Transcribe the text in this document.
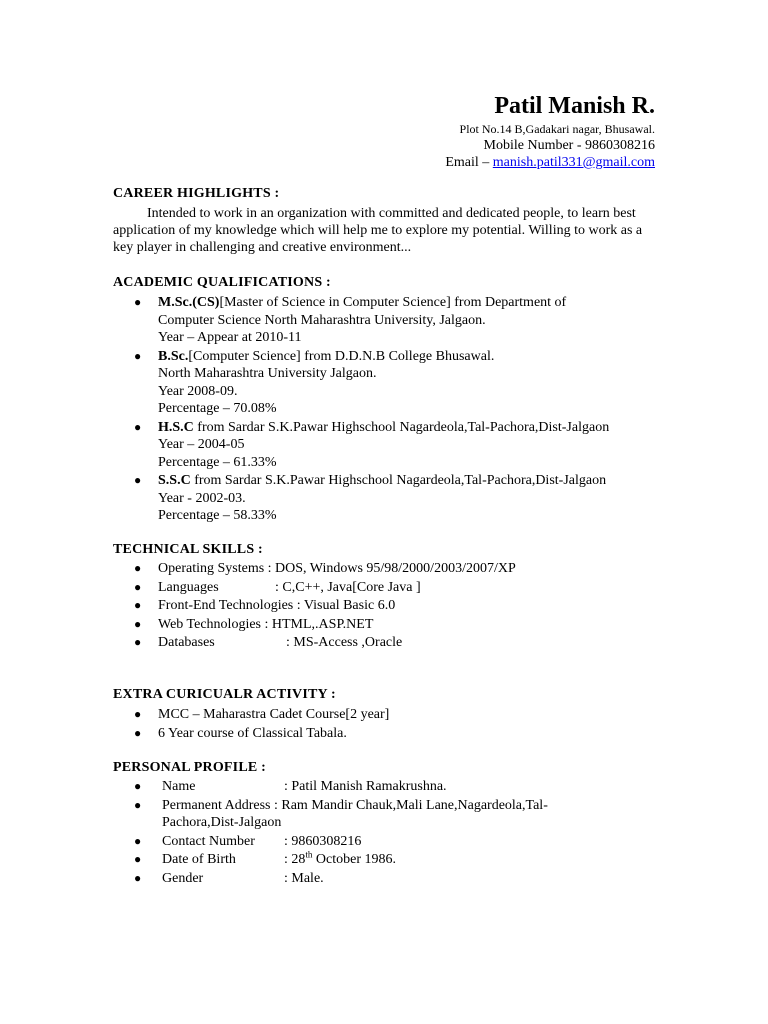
Patil Manish R.
Plot No.14 B,Gadakari nagar, Bhusawal.
Mobile Number - 9860308216
Email – manish.patil331@gmail.com
CAREER HIGHLIGHTS :
Intended to work in an organization with committed and dedicated people, to learn best application of my knowledge which will help me to explore my potential. Willing to work as a key player in challenging and creative environment...
ACADEMIC QUALIFICATIONS :
● M.Sc.(CS)[Master of Science in Computer Science] from Department of
Computer Science North Maharashtra University, Jalgaon.
Year – Appear at 2010-11
● B.Sc.[Computer Science] from D.D.N.B College Bhusawal.
North Maharashtra University Jalgaon.
Year 2008-09.
Percentage – 70.08%
● H.S.C from Sardar S.K.Pawar Highschool Nagardeola,Tal-Pachora,Dist-Jalgaon
Year – 2004-05
Percentage – 61.33%
● S.S.C from Sardar S.K.Pawar Highschool Nagardeola,Tal-Pachora,Dist-Jalgaon
Year - 2002-03.
Percentage – 58.33%
TECHNICAL SKILLS :
● Operating Systems : DOS, Windows 95/98/2000/2003/2007/XP
● Languages	: C,C++, Java[Core Java ]
● Front-End Technologies : Visual Basic 6.0
● Web Technologies : HTML,.ASP.NET
● Databases	: MS-Access ,Oracle
EXTRA CURICUALR ACTIVITY :
● MCC – Maharastra Cadet Course[2 year]
● 6 Year course of Classical Tabala.
PERSONAL PROFILE :
● Name	: Patil Manish Ramakrushna.
● Permanent Address : Ram Mandir Chauk,Mali Lane,Nagardeola,Tal-
Pachora,Dist-Jalgaon
● Contact Number : 9860308216
● Date of Birth	: 28th October 1986.
● Gender	: Male.
